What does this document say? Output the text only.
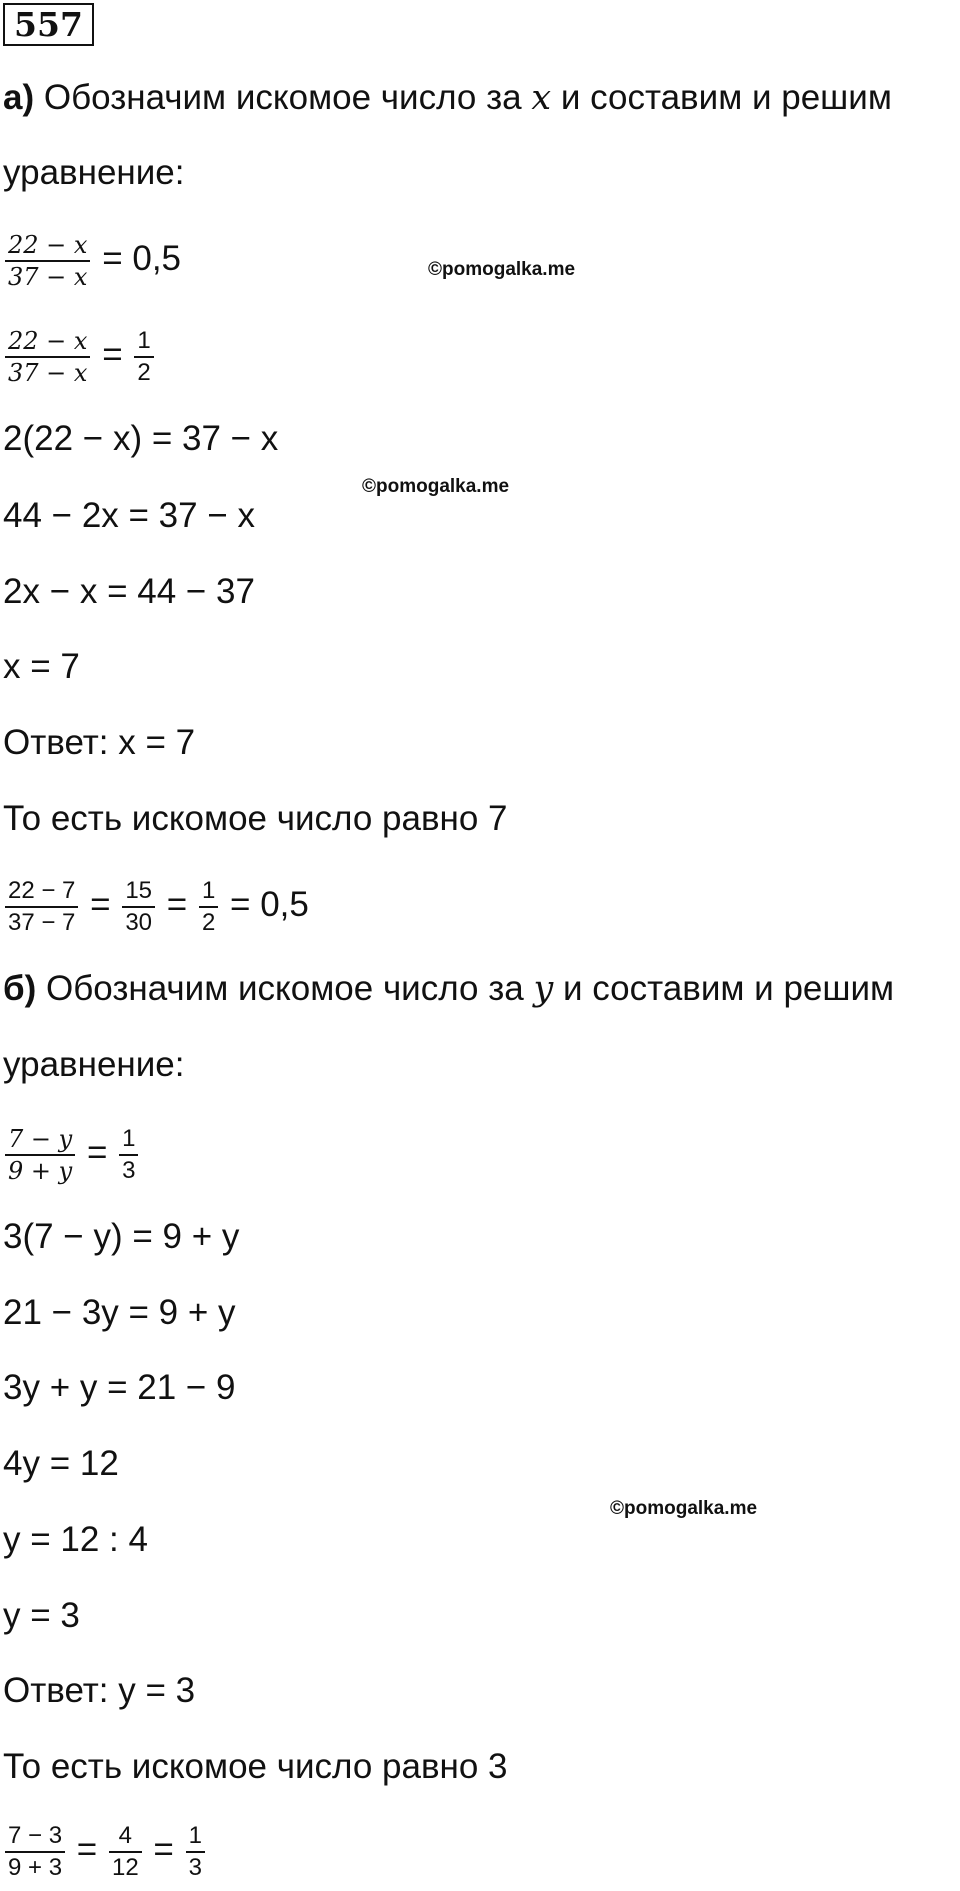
557
а) Обозначим искомое число за x и составим и решим
уравнение:
$\frac{22 - x}{37 - x} = 0,5$
$\frac{22 - x}{37 - x} = \frac{1}{2}$
2(22 − x) = 37 − x
44 − 2x = 37 − x
2x − x = 44 − 37
x = 7
Ответ: x = 7
То есть искомое число равно 7
$\frac{22 - 7}{37 - 7} = \frac{15}{30} = \frac{1}{2} = 0,5$
б) Обозначим искомое число за y и составим и решим
уравнение:
$\frac{7 - y}{9 + y} = \frac{1}{3}$
3(7 − y) = 9 + y
21 − 3y = 9 + y
3y + y = 21 − 9
4y = 12
y = 12 : 4
y = 3
Ответ: y = 3
То есть искомое число равно 3
$\frac{7 - 3}{9 + 3} = \frac{4}{12} = \frac{1}{3}$
©pomogalka.me
©pomogalka.me
©pomogalka.me
